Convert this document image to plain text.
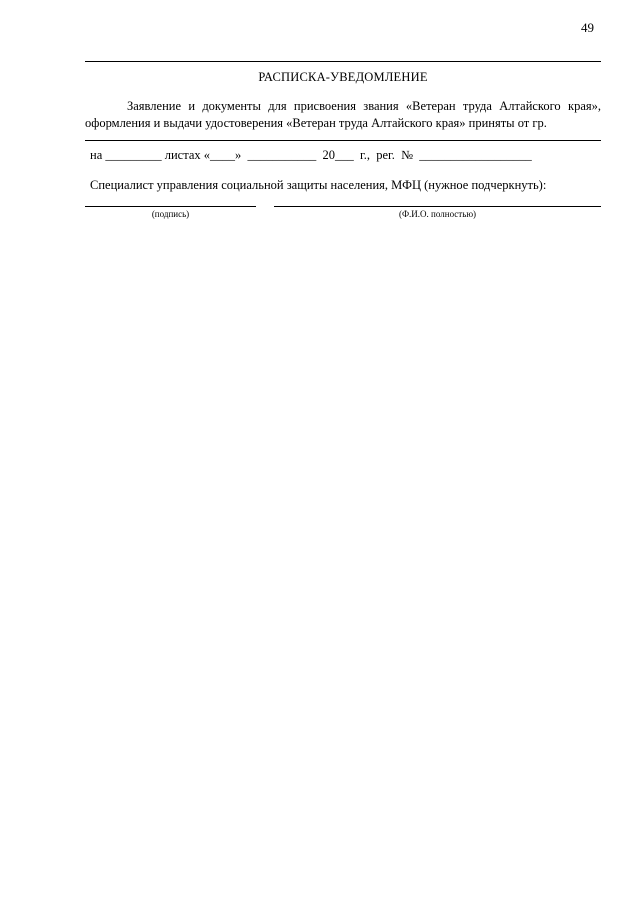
49
РАСПИСКА-УВЕДОМЛЕНИЕ
Заявление и документы для присвоения звания «Ветеран труда Алтайского края»,
оформления и выдачи удостоверения «Ветеран труда Алтайского края» приняты от гр.
на _________ листах «____»  ___________  20___  г.,  рег.  №  __________________
Специалист управления социальной защиты населения, МФЦ (нужное подчеркнуть):
(подпись)	(Ф.И.О. полностью)
